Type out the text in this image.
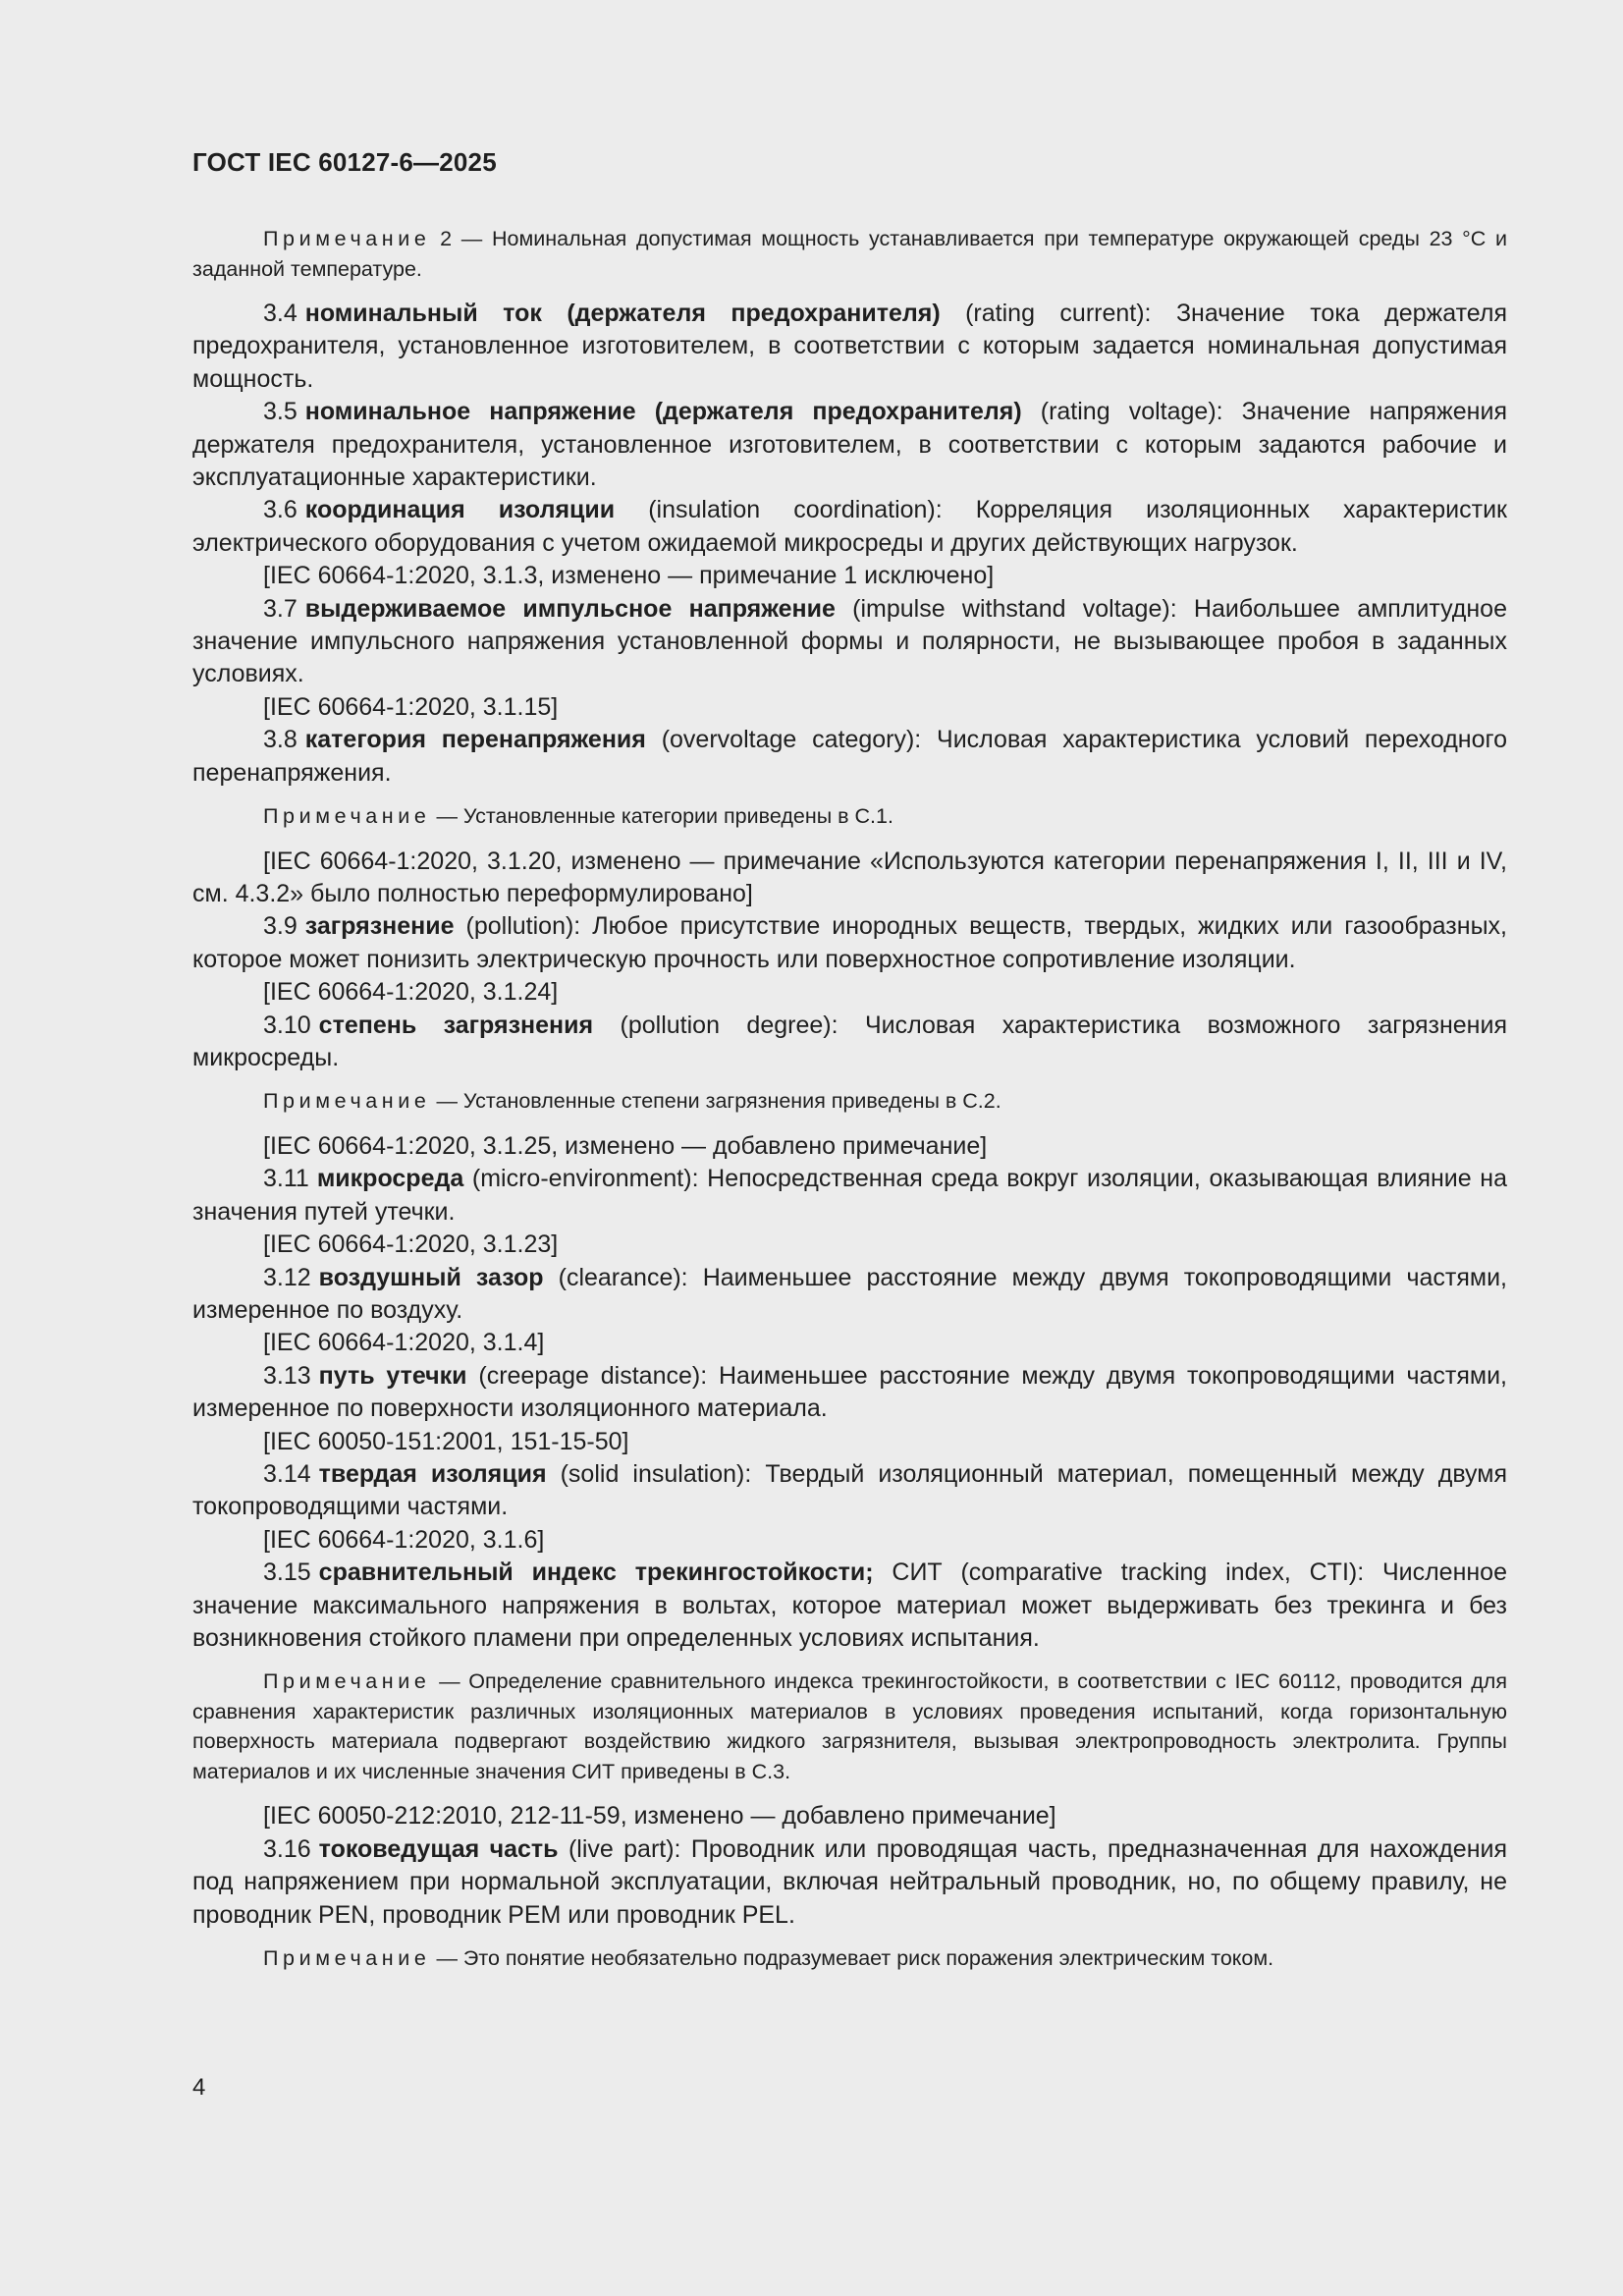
ГОСТ IEC 60127-6—2025

Примечание 2 — Номинальная допустимая мощность устанавливается при температуре окружающей среды 23 °С и заданной температуре.

3.4 номинальный ток (держателя предохранителя) (rating current): Значение тока держателя предохранителя, установленное изготовителем, в соответствии с которым задается номинальная допустимая мощность.

3.5 номинальное напряжение (держателя предохранителя) (rating voltage): Значение напряжения держателя предохранителя, установленное изготовителем, в соответствии с которым задаются рабочие и эксплуатационные характеристики.

3.6 координация изоляции (insulation coordination): Корреляция изоляционных характеристик электрического оборудования с учетом ожидаемой микросреды и других действующих нагрузок.

[IEC 60664-1:2020, 3.1.3, изменено — примечание 1 исключено]

3.7 выдерживаемое импульсное напряжение (impulse withstand voltage): Наибольшее амплитудное значение импульсного напряжения установленной формы и полярности, не вызывающее пробоя в заданных условиях.

[IEC 60664-1:2020, 3.1.15]

3.8 категория перенапряжения (overvoltage category): Числовая характеристика условий переходного перенапряжения.

Примечание — Установленные категории приведены в С.1.

[IEC 60664-1:2020, 3.1.20, изменено — примечание «Используются категории перенапряжения I, II, III и IV, см. 4.3.2» было полностью переформулировано]

3.9 загрязнение (pollution): Любое присутствие инородных веществ, твердых, жидких или газообразных, которое может понизить электрическую прочность или поверхностное сопротивление изоляции.

[IEC 60664-1:2020, 3.1.24]

3.10 степень загрязнения (pollution degree): Числовая характеристика возможного загрязнения микросреды.

Примечание — Установленные степени загрязнения приведены в С.2.

[IEC 60664-1:2020, 3.1.25, изменено — добавлено примечание]

3.11 микросреда (micro-environment): Непосредственная среда вокруг изоляции, оказывающая влияние на значения путей утечки.

[IEC 60664-1:2020, 3.1.23]

3.12 воздушный зазор (clearance): Наименьшее расстояние между двумя токопроводящими частями, измеренное по воздуху.

[IEC 60664-1:2020, 3.1.4]

3.13 путь утечки (creepage distance): Наименьшее расстояние между двумя токопроводящими частями, измеренное по поверхности изоляционного материала.

[IEC 60050-151:2001, 151-15-50]

3.14 твердая изоляция (solid insulation): Твердый изоляционный материал, помещенный между двумя токопроводящими частями.

[IEC 60664-1:2020, 3.1.6]

3.15 сравнительный индекс трекингостойкости; СИТ (comparative tracking index, CTI): Численное значение максимального напряжения в вольтах, которое материал может выдерживать без трекинга и без возникновения стойкого пламени при определенных условиях испытания.

Примечание — Определение сравнительного индекса трекингостойкости, в соответствии с IEC 60112, проводится для сравнения характеристик различных изоляционных материалов в условиях проведения испытаний, когда горизонтальную поверхность материала подвергают воздействию жидкого загрязнителя, вызывая электропроводность электролита. Группы материалов и их численные значения СИТ приведены в С.3.

[IEC 60050-212:2010, 212-11-59, изменено — добавлено примечание]

3.16 токоведущая часть (live part): Проводник или проводящая часть, предназначенная для нахождения под напряжением при нормальной эксплуатации, включая нейтральный проводник, но, по общему правилу, не проводник PEN, проводник PEM или проводник PEL.

Примечание — Это понятие необязательно подразумевает риск поражения электрическим током.

4
